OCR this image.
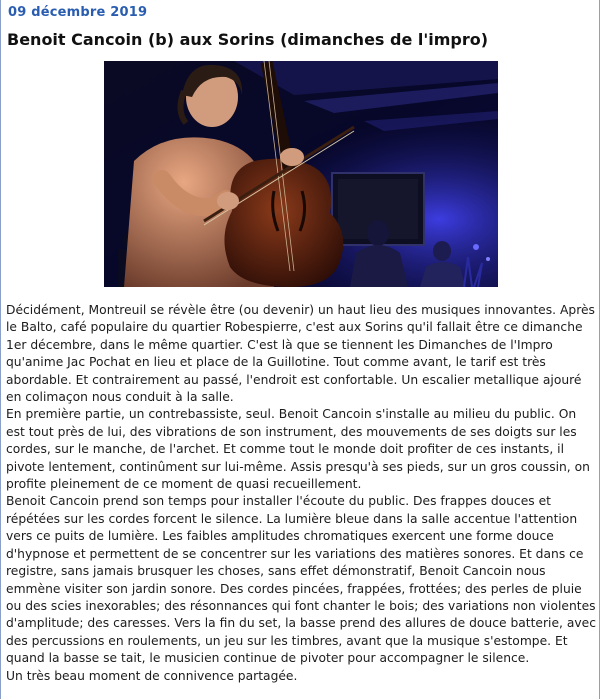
09 décembre 2019
Benoit Cancoin (b) aux Sorins (dimanches de l'impro)

Décidément, Montreuil se révèle être (ou devenir) un haut lieu des musiques innovantes. Après le Balto, café populaire du quartier Robespierre, c'est aux Sorins qu'il fallait être ce dimanche 1er décembre, dans le même quartier. C'est là que se tiennent les Dimanches de l'Impro qu'anime Jac Pochat en lieu et place de la Guillotine. Tout comme avant, le tarif est très abordable. Et contrairement au passé, l'endroit est confortable. Un escalier metallique ajouré en colimaçon nous conduit à la salle.

En première partie, un contrebassiste, seul. Benoit Cancoin s'installe au milieu du public. On est tout près de lui, des vibrations de son instrument, des mouvements de ses doigts sur les cordes, sur le manche, de l'archet. Et comme tout le monde doit profiter de ces instants, il pivote lentement, continûment sur lui-même. Assis presqu'à ses pieds, sur un gros coussin, on profite pleinement de ce moment de quasi recueillement.

Benoit Cancoin prend son temps pour installer l'écoute du public. Des frappes douces et répétées sur les cordes forcent le silence. La lumière bleue dans la salle accentue l'attention vers ce puits de lumière. Les faibles amplitudes chromatiques exercent une forme douce d'hypnose et permettent de se concentrer sur les variations des matières sonores. Et dans ce registre, sans jamais brusquer les choses, sans effet démonstratif, Benoit Cancoin nous emmène visiter son jardin sonore. Des cordes pincées, frappées, frottées; des perles de pluie ou des scies inexorables; des résonnances qui font chanter le bois; des variations non violentes d'amplitude; des caresses. Vers la fin du set, la basse prend des allures de douce batterie, avec des percussions en roulements, un jeu sur les timbres, avant que la musique s'estompe. Et quand la basse se tait, le musicien continue de pivoter pour accompagner le silence.

Un très beau moment de connivence partagée.
